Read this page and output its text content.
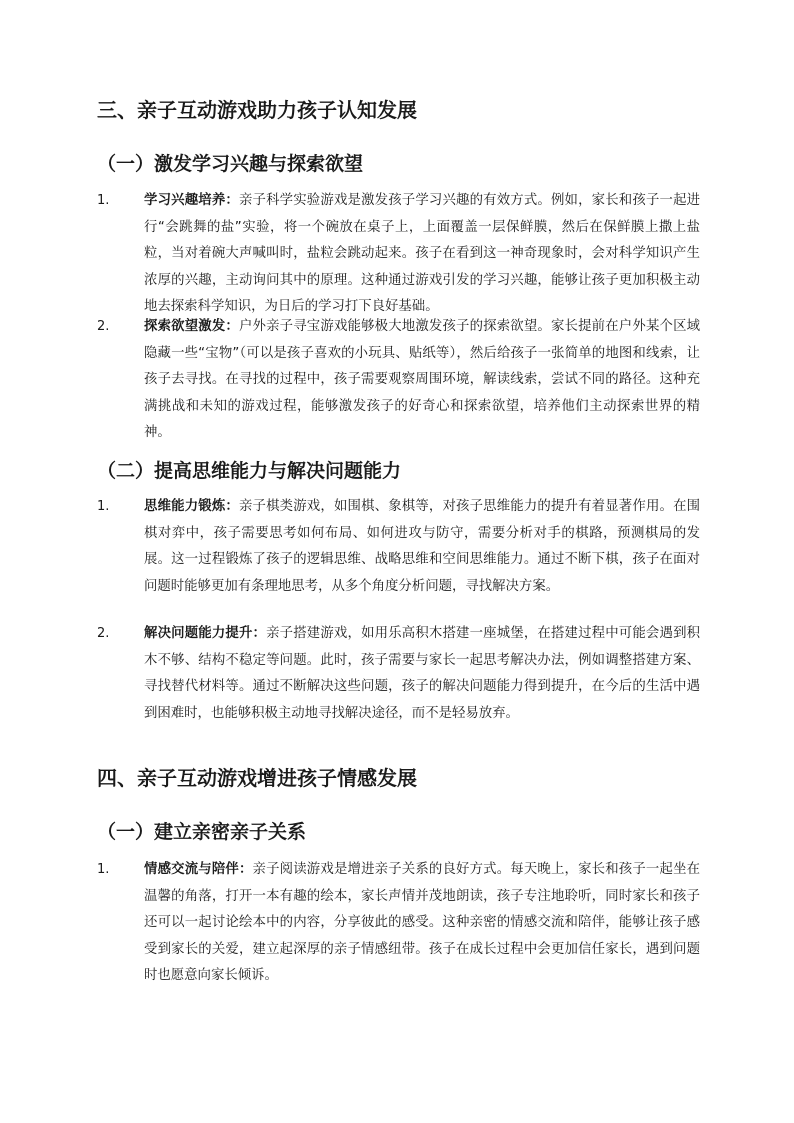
三、亲子互动游戏助力孩子认知发展
（一）激发学习兴趣与探索欲望
1.	学习兴趣培养：亲子科学实验游戏是激发孩子学习兴趣的有效方式。例如，家长和孩子一起进行“会跳舞的盐”实验，将一个碗放在桌子上，上面覆盖一层保鲜膜，然后在保鲜膜上撒上盐粒，当对着碗大声喊叫时，盐粒会跳动起来。孩子在看到这一神奇现象时，会对科学知识产生浓厚的兴趣，主动询问其中的原理。这种通过游戏引发的学习兴趣，能够让孩子更加积极主动地去探索科学知识，为日后的学习打下良好基础。
2.	探索欲望激发：户外亲子寻宝游戏能够极大地激发孩子的探索欲望。家长提前在户外某个区域隐藏一些“宝物”（可以是孩子喜欢的小玩具、贴纸等），然后给孩子一张简单的地图和线索，让孩子去寻找。在寻找的过程中，孩子需要观察周围环境，解读线索，尝试不同的路径。这种充满挑战和未知的游戏过程，能够激发孩子的好奇心和探索欲望，培养他们主动探索世界的精神。
（二）提高思维能力与解决问题能力
1.	思维能力锻炼：亲子棋类游戏，如围棋、象棋等，对孩子思维能力的提升有着显著作用。在围棋对弈中，孩子需要思考如何布局、如何进攻与防守，需要分析对手的棋路，预测棋局的发展。这一过程锻炼了孩子的逻辑思维、战略思维和空间思维能力。通过不断下棋，孩子在面对问题时能够更加有条理地思考，从多个角度分析问题，寻找解决方案。
2.	解决问题能力提升：亲子搭建游戏，如用乐高积木搭建一座城堡，在搭建过程中可能会遇到积木不够、结构不稳定等问题。此时，孩子需要与家长一起思考解决办法，例如调整搭建方案、寻找替代材料等。通过不断解决这些问题，孩子的解决问题能力得到提升，在今后的生活中遇到困难时，也能够积极主动地寻找解决途径，而不是轻易放弃。
四、亲子互动游戏增进孩子情感发展
（一）建立亲密亲子关系
1.	情感交流与陪伴：亲子阅读游戏是增进亲子关系的良好方式。每天晚上，家长和孩子一起坐在温馨的角落，打开一本有趣的绘本，家长声情并茂地朗读，孩子专注地聆听，同时家长和孩子还可以一起讨论绘本中的内容，分享彼此的感受。这种亲密的情感交流和陪伴，能够让孩子感受到家长的关爱，建立起深厚的亲子情感纽带。孩子在成长过程中会更加信任家长，遇到问题时也愿意向家长倾诉。
